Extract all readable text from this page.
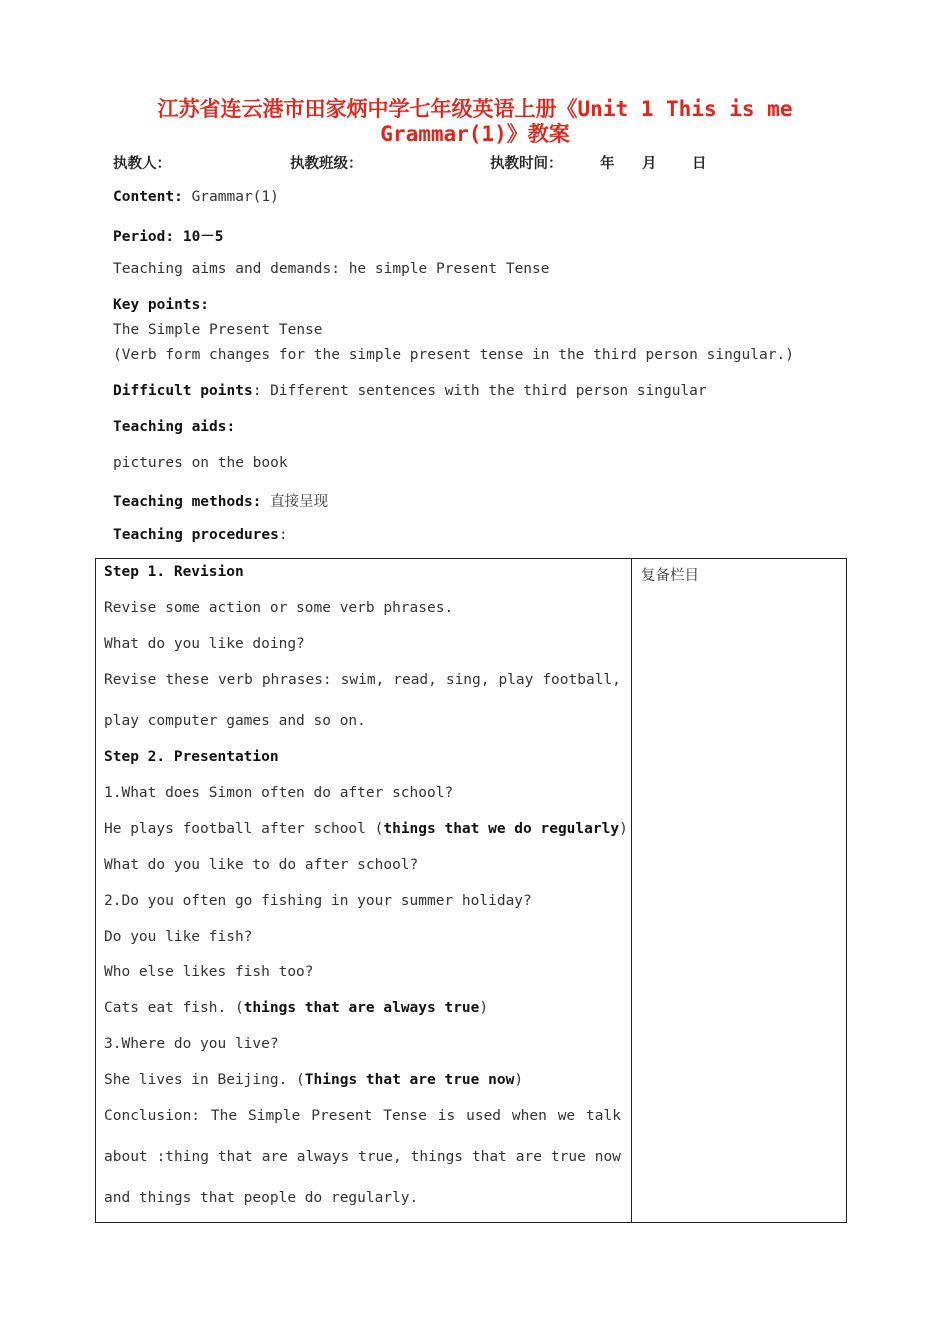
江苏省连云港市田家炳中学七年级英语上册《Unit 1 This is me
Grammar(1)》教案
执教人：	执教班级：	执教时间：	年 月 日
Content: Grammar(1)
Period: 10－5
Teaching aims and demands: he simple Present Tense
Key points:
The Simple Present Tense
(Verb form changes for the simple present tense in the third person singular.)
Difficult points: Different sentences with the third person singular
Teaching aids:
pictures on the book
Teaching methods: 直接呈现
Teaching procedures:
复备栏目
Step 1. Revision
Revise some action or some verb phrases.
What do you like doing?
Revise these verb phrases: swim, read, sing, play football,
play computer games and so on.
Step 2. Presentation
1.What does Simon often do after school?
He plays football after school (things that we do regularly)
What do you like to do after school?
2.Do you often go fishing in your summer holiday?
Do you like fish?
Who else likes fish too?
Cats eat fish. (things that are always true)
3.Where do you live?
She lives in Beijing. (Things that are true now)
Conclusion: The Simple Present Tense is used when we talk
about :thing that are always true, things that are true now
and things that people do regularly.
